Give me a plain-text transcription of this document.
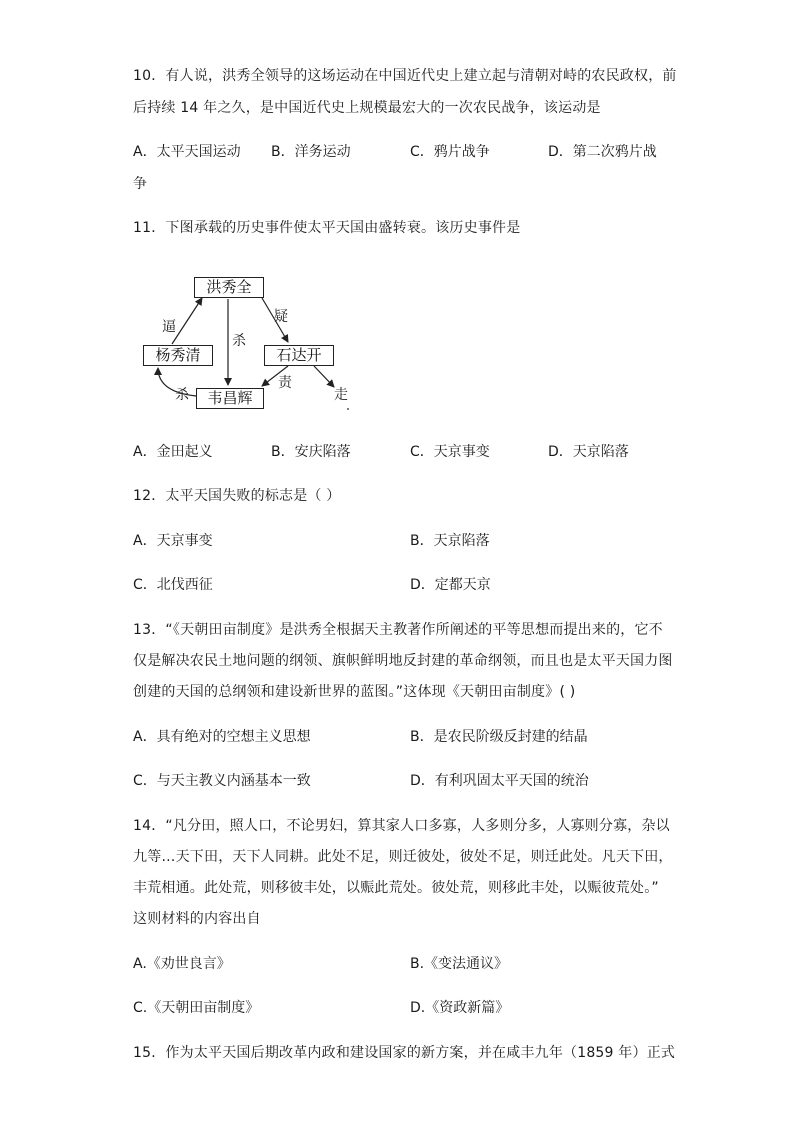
10．有人说，洪秀全领导的这场运动在中国近代史上建立起与清朝对峙的农民政权，前
后持续 14 年之久，是中国近代史上规模最宏大的一次农民战争，该运动是
A．太平天国运动 B．洋务运动	C．鸦片战争	D．第二次鸦片战
争
11．下图承载的历史事件使太平天国由盛转衰。该历史事件是
洪秀全
杨秀清	石达开
韦昌辉
逼
疑
杀
杀
责
走
A．金田起义	B．安庆陷落	C．天京事变	D．天京陷落
12．太平天国失败的标志是（ ）
A．天京事变	B．天京陷落
C．北伐西征	D．定都天京
13．“《天朝田亩制度》是洪秀全根据天主教著作所阐述的平等思想而提出来的，它不
仅是解决农民土地问题的纲领、旗帜鲜明地反封建的革命纲领，而且也是太平天国力图
创建的天国的总纲领和建设新世界的蓝图。”这体现《天朝田亩制度》( )
A．具有绝对的空想主义思想	B．是农民阶级反封建的结晶
C．与天主教义内涵基本一致	D．有利巩固太平天国的统治
14．“凡分田，照人口，不论男妇，算其家人口多寡，人多则分多，人寡则分寡，杂以
九等…天下田，天下人同耕。此处不足，则迁彼处，彼处不足，则迁此处。凡天下田，
丰荒相通。此处荒，则移彼丰处，以赈此荒处。彼处荒，则移此丰处，以赈彼荒处。”
这则材料的内容出自
A.《劝世良言》	B.《变法通议》
C.《天朝田亩制度》	D.《资政新篇》
15．作为太平天国后期改革内政和建设国家的新方案，并在咸丰九年（1859 年）正式
